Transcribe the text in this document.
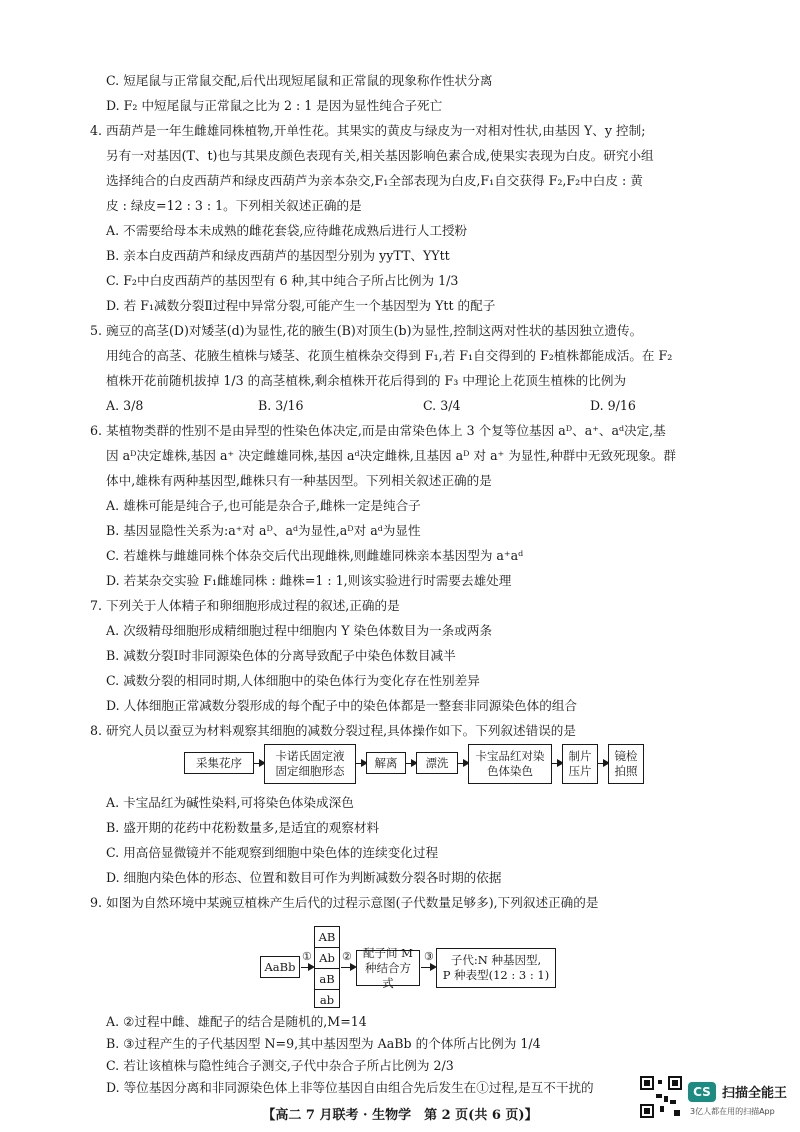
C. 短尾鼠与正常鼠交配,后代出现短尾鼠和正常鼠的现象称作性状分离
D. F₂ 中短尾鼠与正常鼠之比为 2 : 1 是因为显性纯合子死亡
4. 西葫芦是一年生雌雄同株植物,开单性花。其果实的黄皮与绿皮为一对相对性状,由基因 Y、y 控制;
另有一对基因(T、t)也与其果皮颜色表现有关,相关基因影响色素合成,使果实表现为白皮。研究小组
选择纯合的白皮西葫芦和绿皮西葫芦为亲本杂交,F₁全部表现为白皮,F₁自交获得 F₂,F₂中白皮 : 黄
皮 : 绿皮=12 : 3 : 1。下列相关叙述正确的是
A. 不需要给母本未成熟的雌花套袋,应待雌花成熟后进行人工授粉
B. 亲本白皮西葫芦和绿皮西葫芦的基因型分别为 yyTT、YYtt
C. F₂中白皮西葫芦的基因型有 6 种,其中纯合子所占比例为 1/3
D. 若 F₁减数分裂Ⅱ过程中异常分裂,可能产生一个基因型为 Ytt 的配子
5. 豌豆的高茎(D)对矮茎(d)为显性,花的腋生(B)对顶生(b)为显性,控制这两对性状的基因独立遗传。
用纯合的高茎、花腋生植株与矮茎、花顶生植株杂交得到 F₁,若 F₁自交得到的 F₂植株都能成活。在 F₂
植株开花前随机拔掉 1/3 的高茎植株,剩余植株开花后得到的 F₃ 中理论上花顶生植株的比例为
A. 3/8	B. 3/16	C. 3/4	D. 9/16
6. 某植物类群的性别不是由异型的性染色体决定,而是由常染色体上 3 个复等位基因 aᴰ、a⁺、aᵈ决定,基
因 aᴰ决定雄株,基因 a⁺ 决定雌雄同株,基因 aᵈ决定雌株,且基因 aᴰ 对 a⁺ 为显性,种群中无致死现象。群
体中,雄株有两种基因型,雌株只有一种基因型。下列相关叙述正确的是
A. 雄株可能是纯合子,也可能是杂合子,雌株一定是纯合子
B. 基因显隐性关系为:a⁺对 aᴰ、aᵈ为显性,aᴰ对 aᵈ为显性
C. 若雄株与雌雄同株个体杂交后代出现雌株,则雌雄同株亲本基因型为 a⁺aᵈ
D. 若某杂交实验 F₁雌雄同株 : 雌株=1 : 1,则该实验进行时需要去雄处理
7. 下列关于人体精子和卵细胞形成过程的叙述,正确的是
A. 次级精母细胞形成精细胞过程中细胞内 Y 染色体数目为一条或两条
B. 减数分裂Ⅰ时非同源染色体的分离导致配子中染色体数目减半
C. 减数分裂的相同时期,人体细胞中的染色体行为变化存在性别差异
D. 人体细胞正常减数分裂形成的每个配子中的染色体都是一整套非同源染色体的组合
8. 研究人员以蚕豆为材料观察其细胞的减数分裂过程,具体操作如下。下列叙述错误的是
采集花序	卡诺氏固定液固定细胞形态
解离 漂洗 卡宝品红对染色体染色
制片压片
镜检拍照
A. 卡宝品红为碱性染料,可将染色体染成深色
B. 盛开期的花药中花粉数量多,是适宜的观察材料
C. 用高倍显微镜并不能观察到细胞中染色体的连续变化过程
D. 细胞内染色体的形态、位置和数目可作为判断减数分裂各时期的依据
9. 如图为自然环境中某豌豆植株产生后代的过程示意图(子代数量足够多),下列叙述正确的是
AaBb
①
AB
Ab
aB
ab
② 配子间 M 种结合方式
③ 子代:N 种基因型,
P 种表型(12 : 3 : 1)
A. ②过程中雌、雄配子的结合是随机的,M=14
B. ③过程产生的子代基因型 N=9,其中基因型为 AaBb 的个体所占比例为 1/4
C. 若让该植株与隐性纯合子测交,子代中杂合子所占比例为 2/3
D. 等位基因分离和非同源染色体上非等位基因自由组合先后发生在①过程,是互不干扰的
【高二 7 月联考 · 生物学　第 2 页(共 6 页)】
CS 扫描全能王
3亿人都在用的扫描App
